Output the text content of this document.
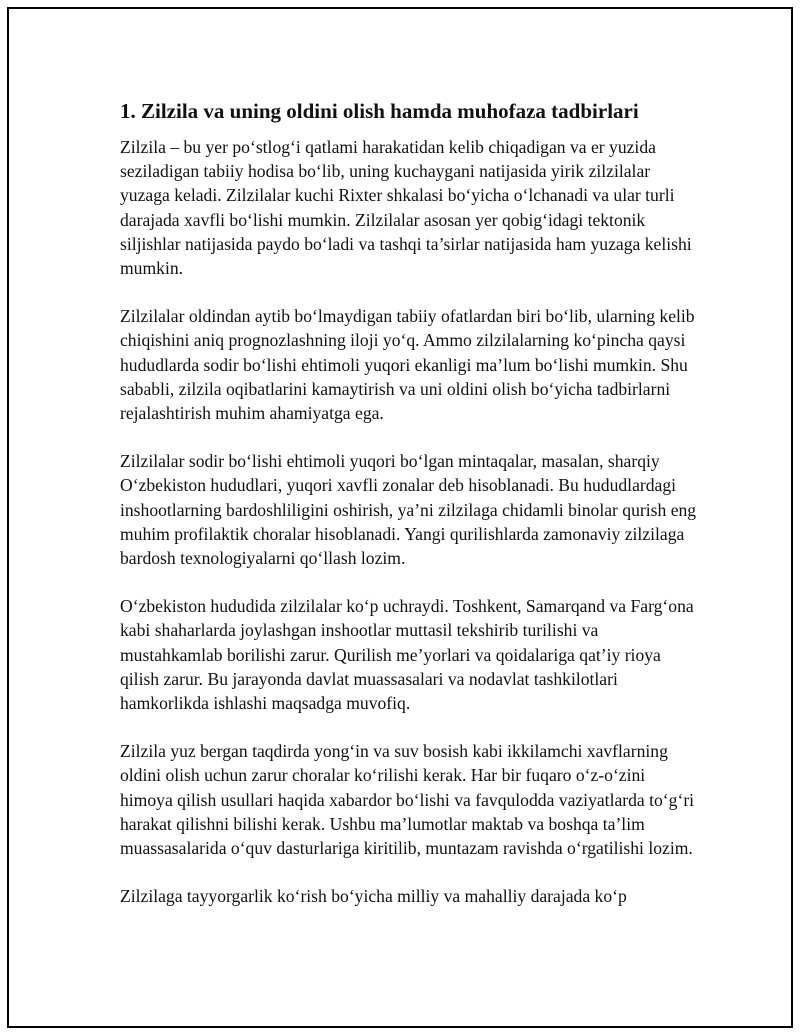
1. Zilzila va uning oldini olish hamda muhofaza tadbirlari

Zilzila – bu yer po‘stlog‘i qatlami harakatidan kelib chiqadigan va er yuzida seziladigan tabiiy hodisa bo‘lib, uning kuchaygani natijasida yirik zilzilalar yuzaga keladi. Zilzilalar kuchi Rixter shkalasi bo‘yicha o‘lchanadi va ular turli darajada xavfli bo‘lishi mumkin. Zilzilalar asosan yer qobig‘idagi tektonik siljishlar natijasida paydo bo‘ladi va tashqi ta’sirlar natijasida ham yuzaga kelishi mumkin.

Zilzilalar oldindan aytib bo‘lmaydigan tabiiy ofatlardan biri bo‘lib, ularning kelib chiqishini aniq prognozlashning iloji yo‘q. Ammo zilzilalarning ko‘pincha qaysi hududlarda sodir bo‘lishi ehtimoli yuqori ekanligi ma’lum bo‘lishi mumkin. Shu sababli, zilzila oqibatlarini kamaytirish va uni oldini olish bo‘yicha tadbirlarni rejalashtirish muhim ahamiyatga ega.

Zilzilalar sodir bo‘lishi ehtimoli yuqori bo‘lgan mintaqalar, masalan, sharqiy O‘zbekiston hududlari, yuqori xavfli zonalar deb hisoblanadi. Bu hududlardagi inshootlarning bardoshliligini oshirish, ya’ni zilzilaga chidamli binolar qurish eng muhim profilaktik choralar hisoblanadi. Yangi qurilishlarda zamonaviy zilzilaga bardosh texnologiyalarni qo‘llash lozim.

O‘zbekiston hududida zilzilalar ko‘p uchraydi. Toshkent, Samarqand va Farg‘ona kabi shaharlarda joylashgan inshootlar muttasil tekshirib turilishi va mustahkamlab borilishi zarur. Qurilish me’yorlari va qoidalariga qat’iy rioya qilish zarur. Bu jarayonda davlat muassasalari va nodavlat tashkilotlari hamkorlikda ishlashi maqsadga muvofiq.

Zilzila yuz bergan taqdirda yong‘in va suv bosish kabi ikkilamchi xavflarning oldini olish uchun zarur choralar ko‘rilishi kerak. Har bir fuqaro o‘z-o‘zini himoya qilish usullari haqida xabardor bo‘lishi va favqulodda vaziyatlarda to‘g‘ri harakat qilishni bilishi kerak. Ushbu ma’lumotlar maktab va boshqa ta’lim muassasalarida o‘quv dasturlariga kiritilib, muntazam ravishda o‘rgatilishi lozim.

Zilzilaga tayyorgarlik ko‘rish bo‘yicha milliy va mahalliy darajada ko‘p
